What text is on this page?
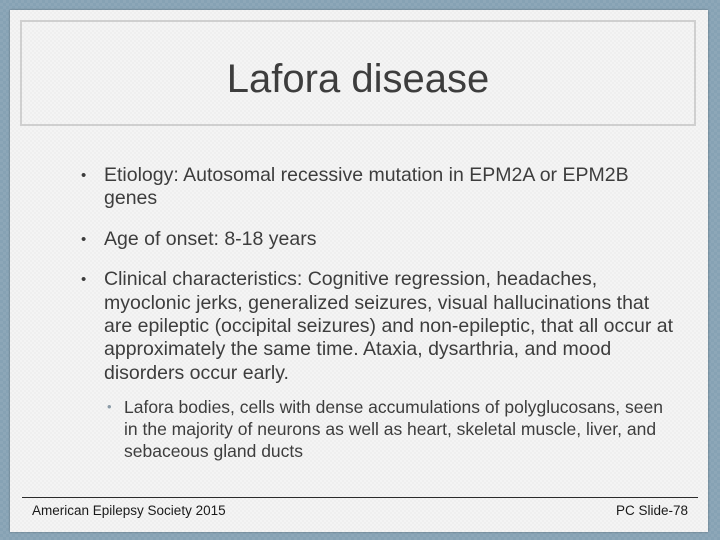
Lafora disease
• Etiology: Autosomal recessive mutation in EPM2A or EPM2B genes
• Age of onset: 8-18 years
• Clinical characteristics: Cognitive regression, headaches, myoclonic jerks, generalized seizures, visual hallucinations that are epileptic (occipital seizures) and non-epileptic, that all occur at approximately the same time. Ataxia, dysarthria, and mood disorders occur early.
• Lafora bodies, cells with dense accumulations of polyglucosans, seen in the majority of neurons as well as heart, skeletal muscle, liver, and sebaceous gland ducts
American Epilepsy Society 2015	PC Slide-78
